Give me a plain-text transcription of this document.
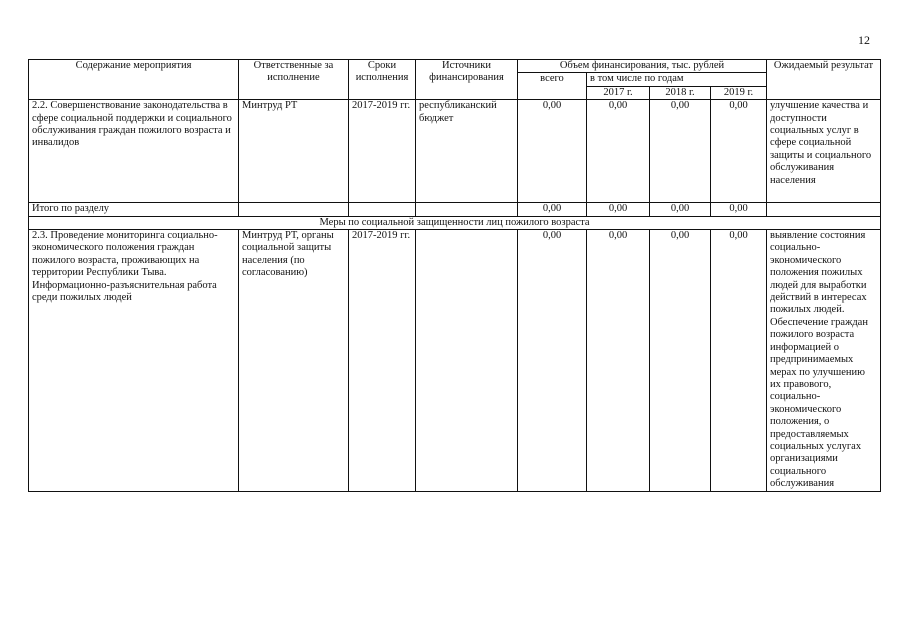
12
Содержание мероприятия	Ответственные за исполнение	Сроки исполнения	Источники финансирования	Объем финансирования, тыс. рублей				Ожидаемый результат
				всего	в том числе по годам			
					2017 г.	2018 г.	2019 г.	
2.2. Совершенствование законодательства в сфере социальной поддержки и социального обслуживания граждан пожилого возраста и инвалидов	Минтруд РТ	2017-2019 гг.	республиканский бюджет	0,00	0,00	0,00	0,00	улучшение качества и доступности социальных услуг в сфере социальной защиты и социального обслуживания населения
Итого по разделу				0,00	0,00	0,00	0,00	
Меры по социальной защищенности лиц пожилого возраста								
2.3. Проведение мониторинга социально-экономического положения граждан пожилого возраста, проживающих на территории Республики Тыва. Информационно-разъяснительная работа среди пожилых людей	Минтруд РТ, органы социальной защиты населения (по согласованию)	2017-2019 гг.		0,00	0,00	0,00	0,00	выявление состояния социально-экономического положения пожилых людей для выработки действий в интересах пожилых людей. Обеспечение граждан пожилого возраста информацией о предпринимаемых мерах по улучшению их правового, социально-экономического положения, о предоставляемых социальных услугах организациями социального обслуживания
